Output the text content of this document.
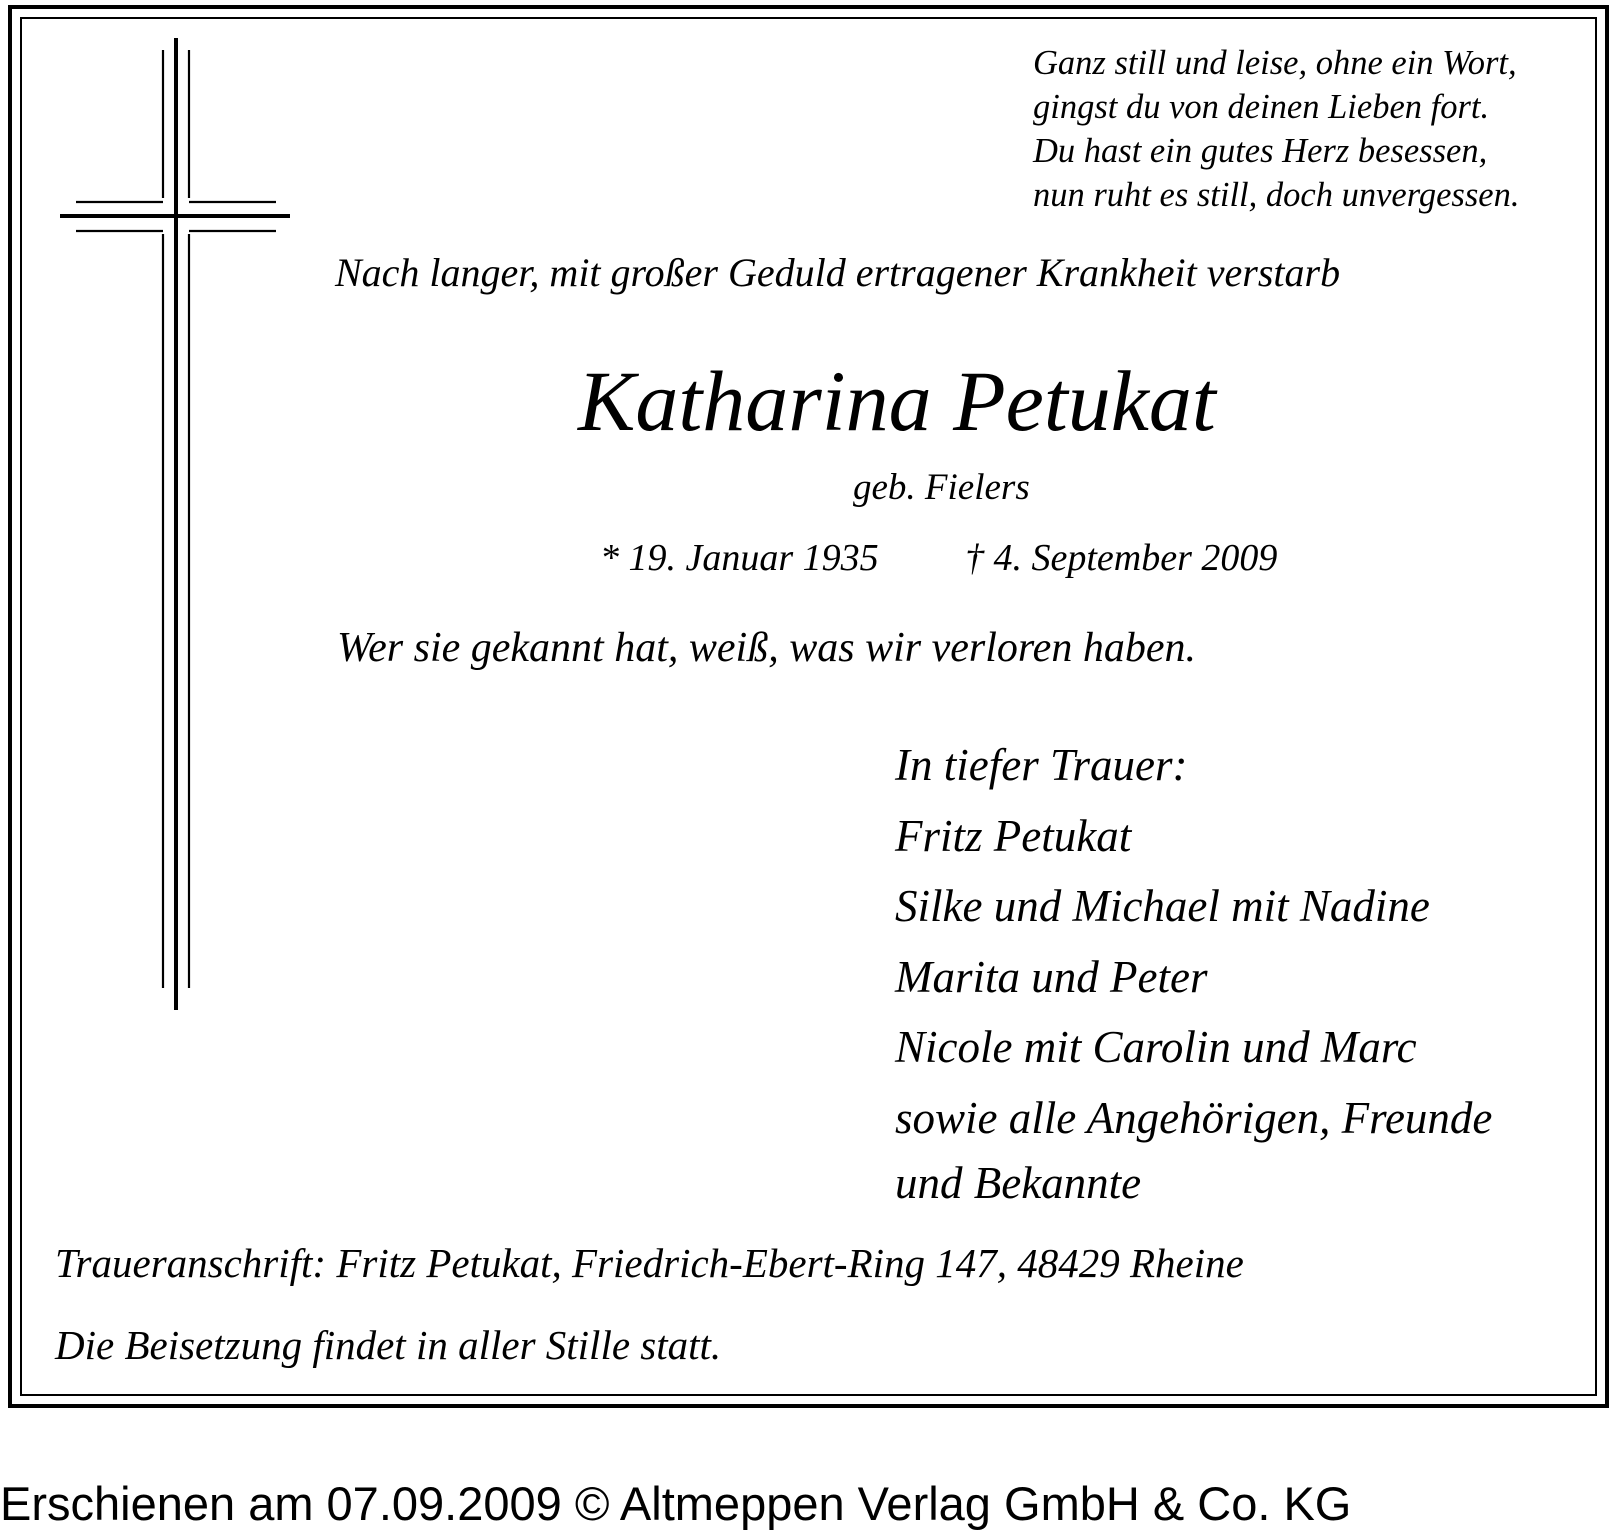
Ganz still und leise, ohne ein Wort,
gingst du von deinen Lieben fort.
Du hast ein gutes Herz besessen,
nun ruht es still, doch unvergessen.
Nach langer, mit großer Geduld ertragener Krankheit verstarb
Katharina Petukat
geb. Fielers
* 19. Januar 1935 † 4. September 2009
Wer sie gekannt hat, weiß, was wir verloren haben.
In tiefer Trauer:
Fritz Petukat
Silke und Michael mit Nadine
Marita und Peter
Nicole mit Carolin und Marc
sowie alle Angehörigen, Freunde
und Bekannte
Traueranschrift: Fritz Petukat, Friedrich-Ebert-Ring 147, 48429 Rheine
Die Beisetzung findet in aller Stille statt.
Erschienen am 07.09.2009 © Altmeppen Verlag GmbH & Co. KG
